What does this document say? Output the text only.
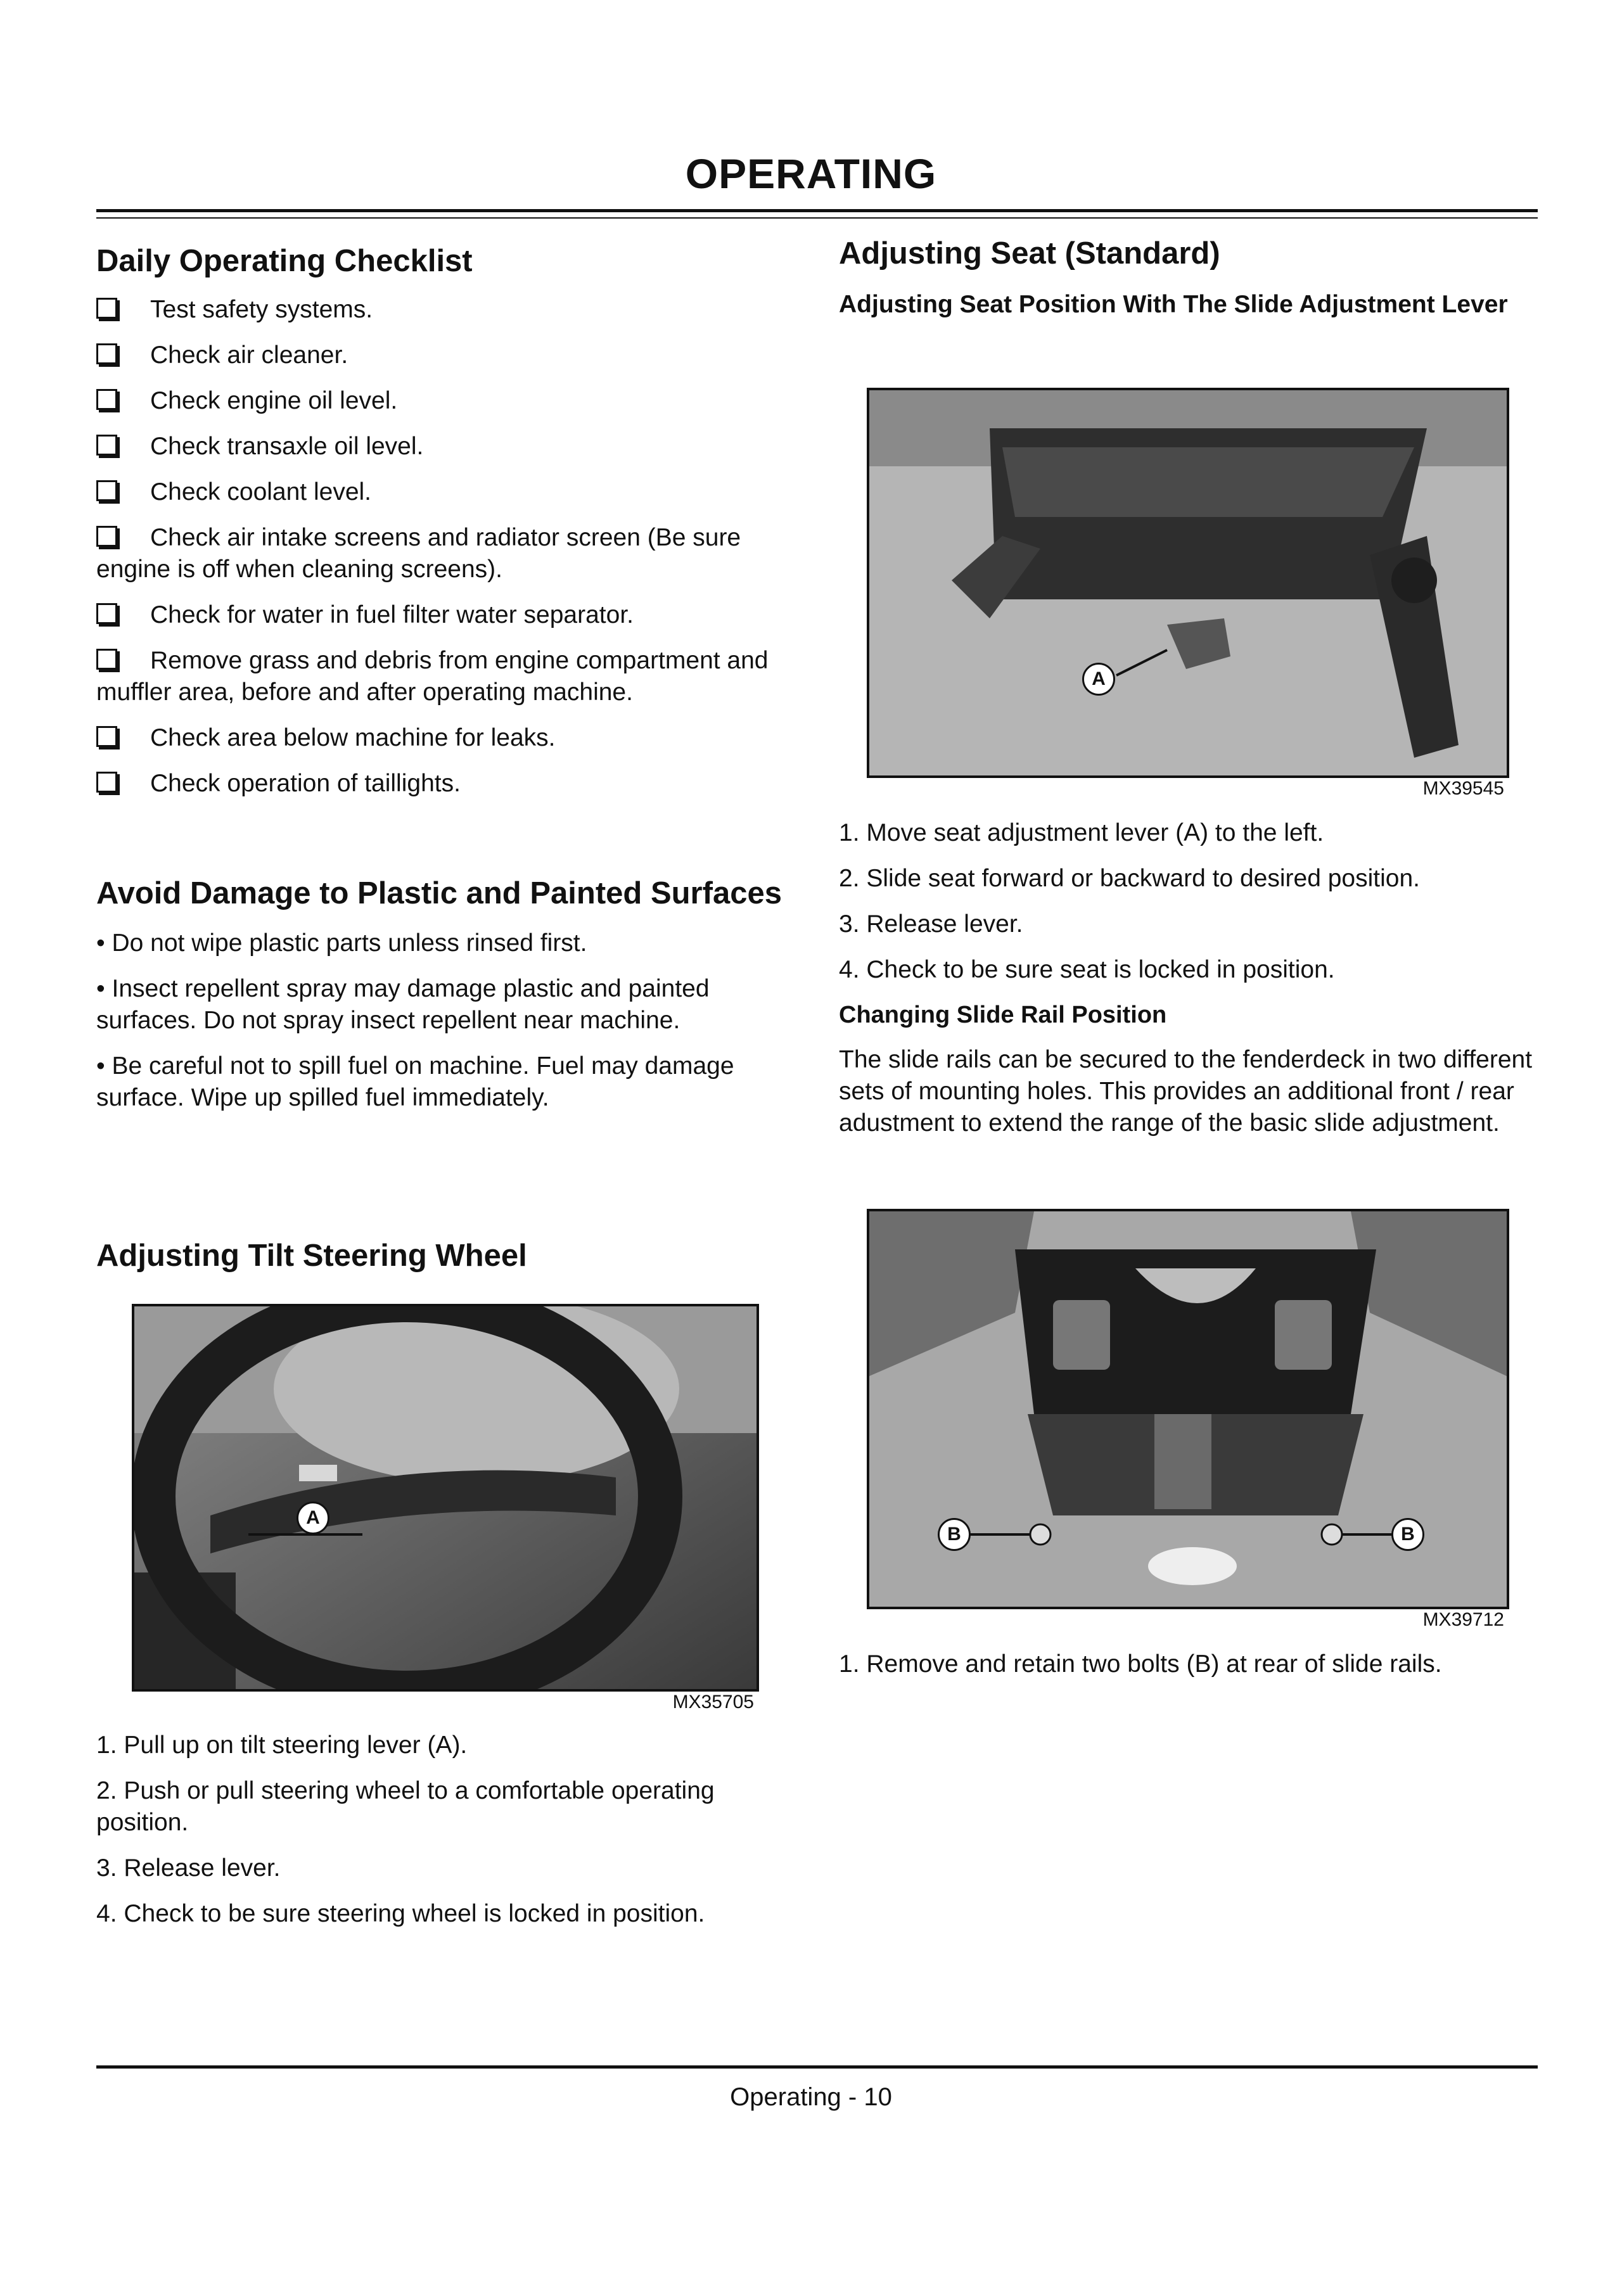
OPERATING
Daily Operating Checklist
Test safety systems.
Check air cleaner.
Check engine oil level.
Check transaxle oil level.
Check coolant level.
Check air intake screens and radiator screen (Be sure engine is off when cleaning screens).
Check for water in fuel filter water separator.
Remove grass and debris from engine compartment and muffler area, before and after operating machine.
Check area below machine for leaks.
Check operation of taillights.
Avoid Damage to Plastic and Painted Surfaces

• Do not wipe plastic parts unless rinsed first.

• Insect repellent spray may damage plastic and painted surfaces. Do not spray insect repellent near machine.

• Be careful not to spill fuel on machine. Fuel may damage surface. Wipe up spilled fuel immediately.

Adjusting Tilt Steering Wheel
A
MX35705

1. Pull up on tilt steering lever (A).

2. Push or pull steering wheel to a comfortable operating position.

3. Release lever.

4. Check to be sure steering wheel is locked in position.

Adjusting Seat (Standard)
Adjusting Seat Position With The Slide Adjustment Lever
A
MX39545

1. Move seat adjustment lever (A) to the left.

2. Slide seat forward or backward to desired position.

3. Release lever.

4. Check to be sure seat is locked in position.

Changing Slide Rail Position

The slide rails can be secured to the fenderdeck in two different sets of mounting holes. This provides an additional front / rear adustment to extend the range of the basic slide adjustment.

B	B
MX39712

1. Remove and retain two bolts (B) at rear of slide rails.

Operating - 10
